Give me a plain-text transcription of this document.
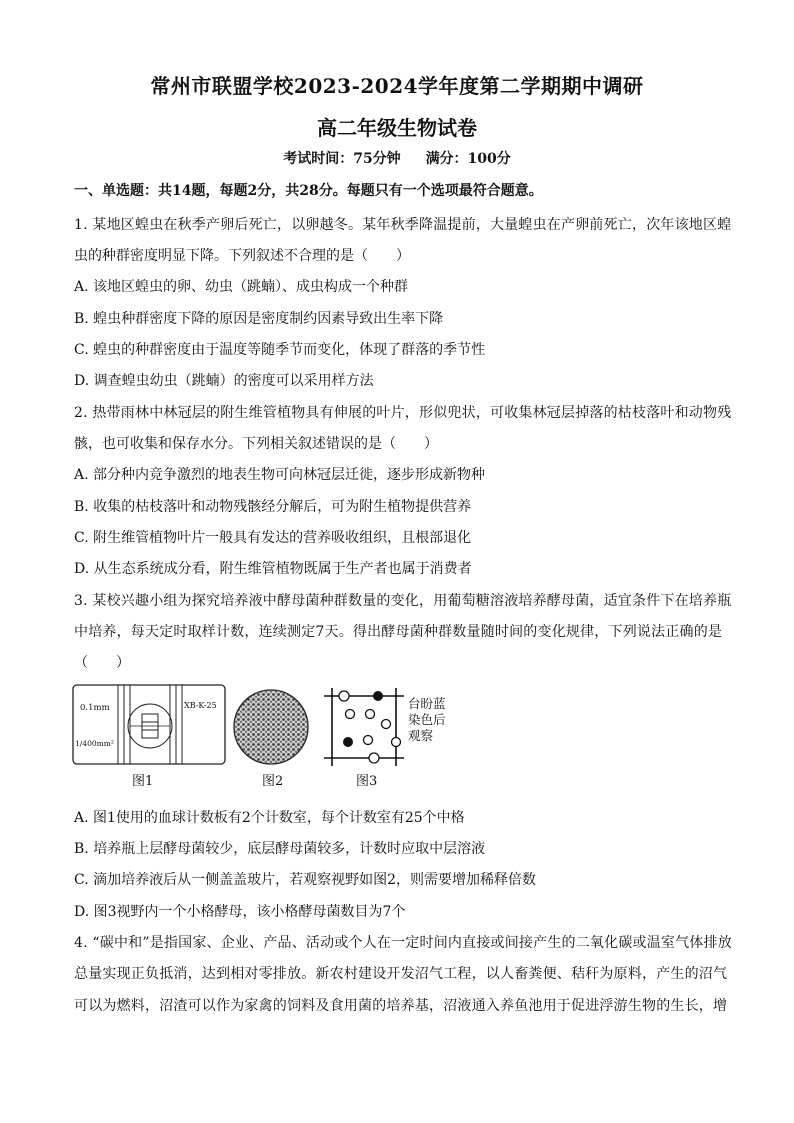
常州市联盟学校2023-2024学年度第二学期期中调研
高二年级生物试卷
考试时间：75分钟 满分：100分
一、单选题：共14题，每题2分，共28分。每题只有一个选项最符合题意。
1. 某地区蝗虫在秋季产卵后死亡，以卵越冬。某年秋季降温提前，大量蝗虫在产卵前死亡，次年该地区蝗
虫的种群密度明显下降。下列叙述不合理的是（　　）
A. 该地区蝗虫的卵、幼虫（跳蝻）、成虫构成一个种群
B. 蝗虫种群密度下降的原因是密度制约因素导致出生率下降
C. 蝗虫的种群密度由于温度等随季节而变化，体现了群落的季节性
D. 调查蝗虫幼虫（跳蝻）的密度可以采用样方法
2. 热带雨林中林冠层的附生维管植物具有伸展的叶片，形似兜状，可收集林冠层掉落的枯枝落叶和动物残
骸，也可收集和保存水分。下列相关叙述错误的是（　　）
A. 部分种内竞争激烈的地表生物可向林冠层迁徙，逐步形成新物种
B. 收集的枯枝落叶和动物残骸经分解后，可为附生植物提供营养
C. 附生维管植物叶片一般具有发达的营养吸收组织，且根部退化
D. 从生态系统成分看，附生维管植物既属于生产者也属于消费者
3. 某校兴趣小组为探究培养液中酵母菌种群数量的变化，用葡萄糖溶液培养酵母菌，适宜条件下在培养瓶
中培养，每天定时取样计数，连续测定7天。得出酵母菌种群数量随时间的变化规律，下列说法正确的是
（　　）
0.1mm
1/400mm²
XB-K-25
图1	图2
台盼蓝
染色后
观察
图3
A. 图1使用的血球计数板有2个计数室，每个计数室有25个中格
B. 培养瓶上层酵母菌较少，底层酵母菌较多，计数时应取中层溶液
C. 滴加培养液后从一侧盖盖玻片，若观察视野如图2，则需要增加稀释倍数
D. 图3视野内一个小格酵母，该小格酵母菌数目为7个
4. “碳中和”是指国家、企业、产品、活动或个人在一定时间内直接或间接产生的二氧化碳或温室气体排放
总量实现正负抵消，达到相对零排放。新农村建设开发沼气工程，以人畜粪便、秸秆为原料，产生的沼气
可以为燃料，沼渣可以作为家禽的饲料及食用菌的培养基，沼液通入养鱼池用于促进浮游生物的生长，增
